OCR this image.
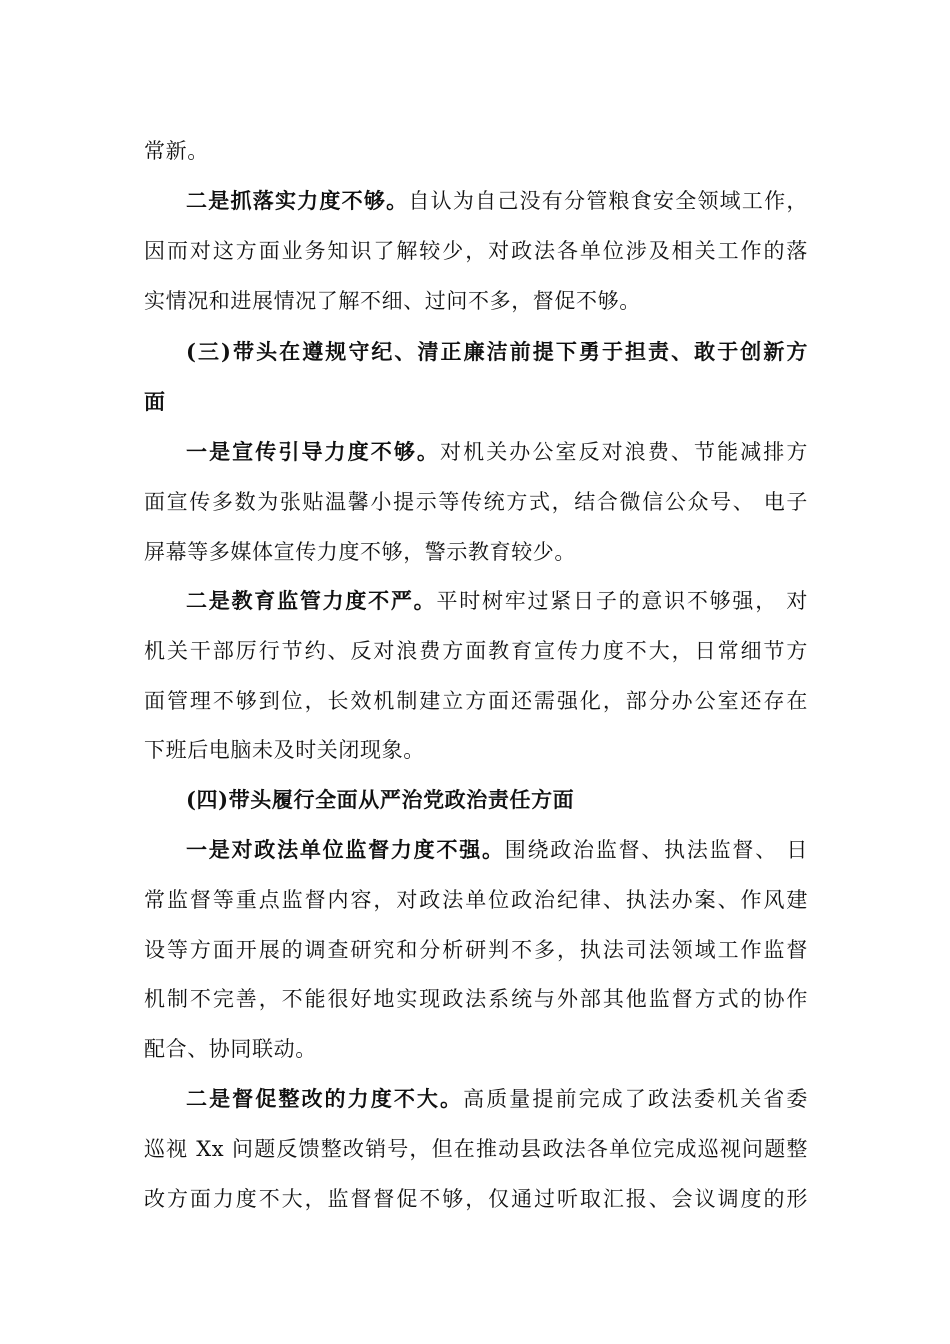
常新。
二是抓落实力度不够。自认为自己没有分管粮食安全领域工作，
因而对这方面业务知识了解较少，对政法各单位涉及相关工作的落
实情况和进展情况了解不细、过问不多，督促不够。
(三)带头在遵规守纪、清正廉洁前提下勇于担责、敢于创新方
面
一是宣传引导力度不够。对机关办公室反对浪费、节能减排方
面宣传多数为张贴温馨小提示等传统方式，结合微信公众号、 电子
屏幕等多媒体宣传力度不够，警示教育较少。
二是教育监管力度不严。平时树牢过紧日子的意识不够强， 对
机关干部厉行节约、反对浪费方面教育宣传力度不大，日常细节方
面管理不够到位，长效机制建立方面还需强化，部分办公室还存在
下班后电脑未及时关闭现象。
(四)带头履行全面从严治党政治责任方面
一是对政法单位监督力度不强。围绕政治监督、执法监督、 日
常监督等重点监督内容，对政法单位政治纪律、执法办案、作风建
设等方面开展的调查研究和分析研判不多，执法司法领域工作监督
机制不完善，不能很好地实现政法系统与外部其他监督方式的协作
配合、协同联动。
二是督促整改的力度不大。高质量提前完成了政法委机关省委
巡视 Xx 问题反馈整改销号，但在推动县政法各单位完成巡视问题整
改方面力度不大，监督督促不够，仅通过听取汇报、会议调度的形
